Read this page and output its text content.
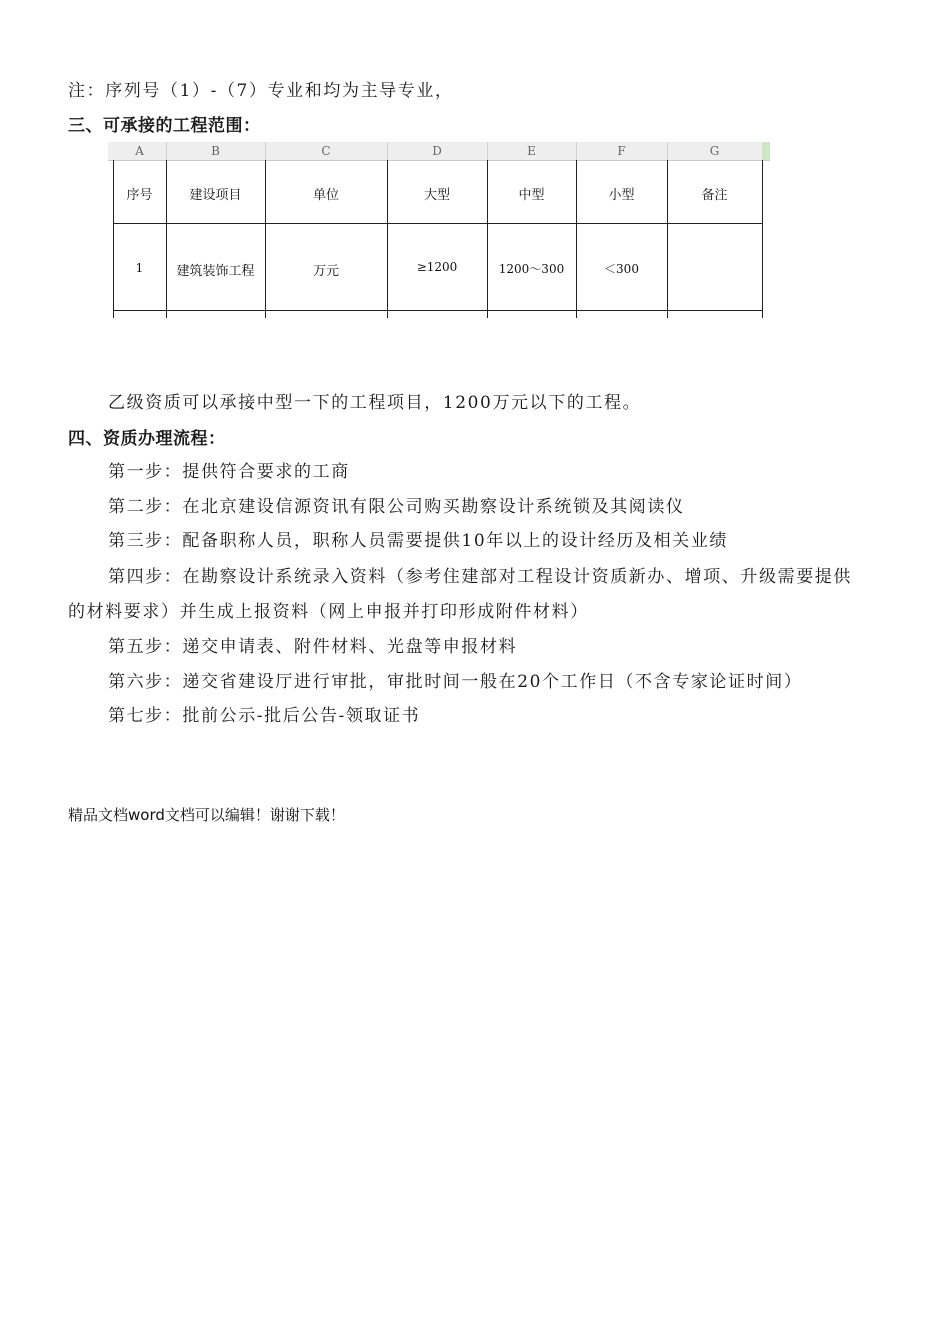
注：序列号（1）-（7）专业和均为主导专业，
三、可承接的工程范围：
A	B	C	D	E	F	G
序号	建设项目	单位	大型	中型	小型	备注
1	建筑装饰工程	万元	≥1200	1200～300	＜300
乙级资质可以承接中型一下的工程项目，1200万元以下的工程。
四、资质办理流程：
第一步：提供符合要求的工商
第二步：在北京建设信源资讯有限公司购买勘察设计系统锁及其阅读仪
第三步：配备职称人员，职称人员需要提供10年以上的设计经历及相关业绩
第四步：在勘察设计系统录入资料（参考住建部对工程设计资质新办、增项、升级需要提供
的材料要求）并生成上报资料（网上申报并打印形成附件材料）
第五步：递交申请表、附件材料、光盘等申报材料
第六步：递交省建设厅进行审批，审批时间一般在20个工作日（不含专家论证时间）
第七步：批前公示-批后公告-领取证书
精品文档word文档可以编辑！谢谢下载！
